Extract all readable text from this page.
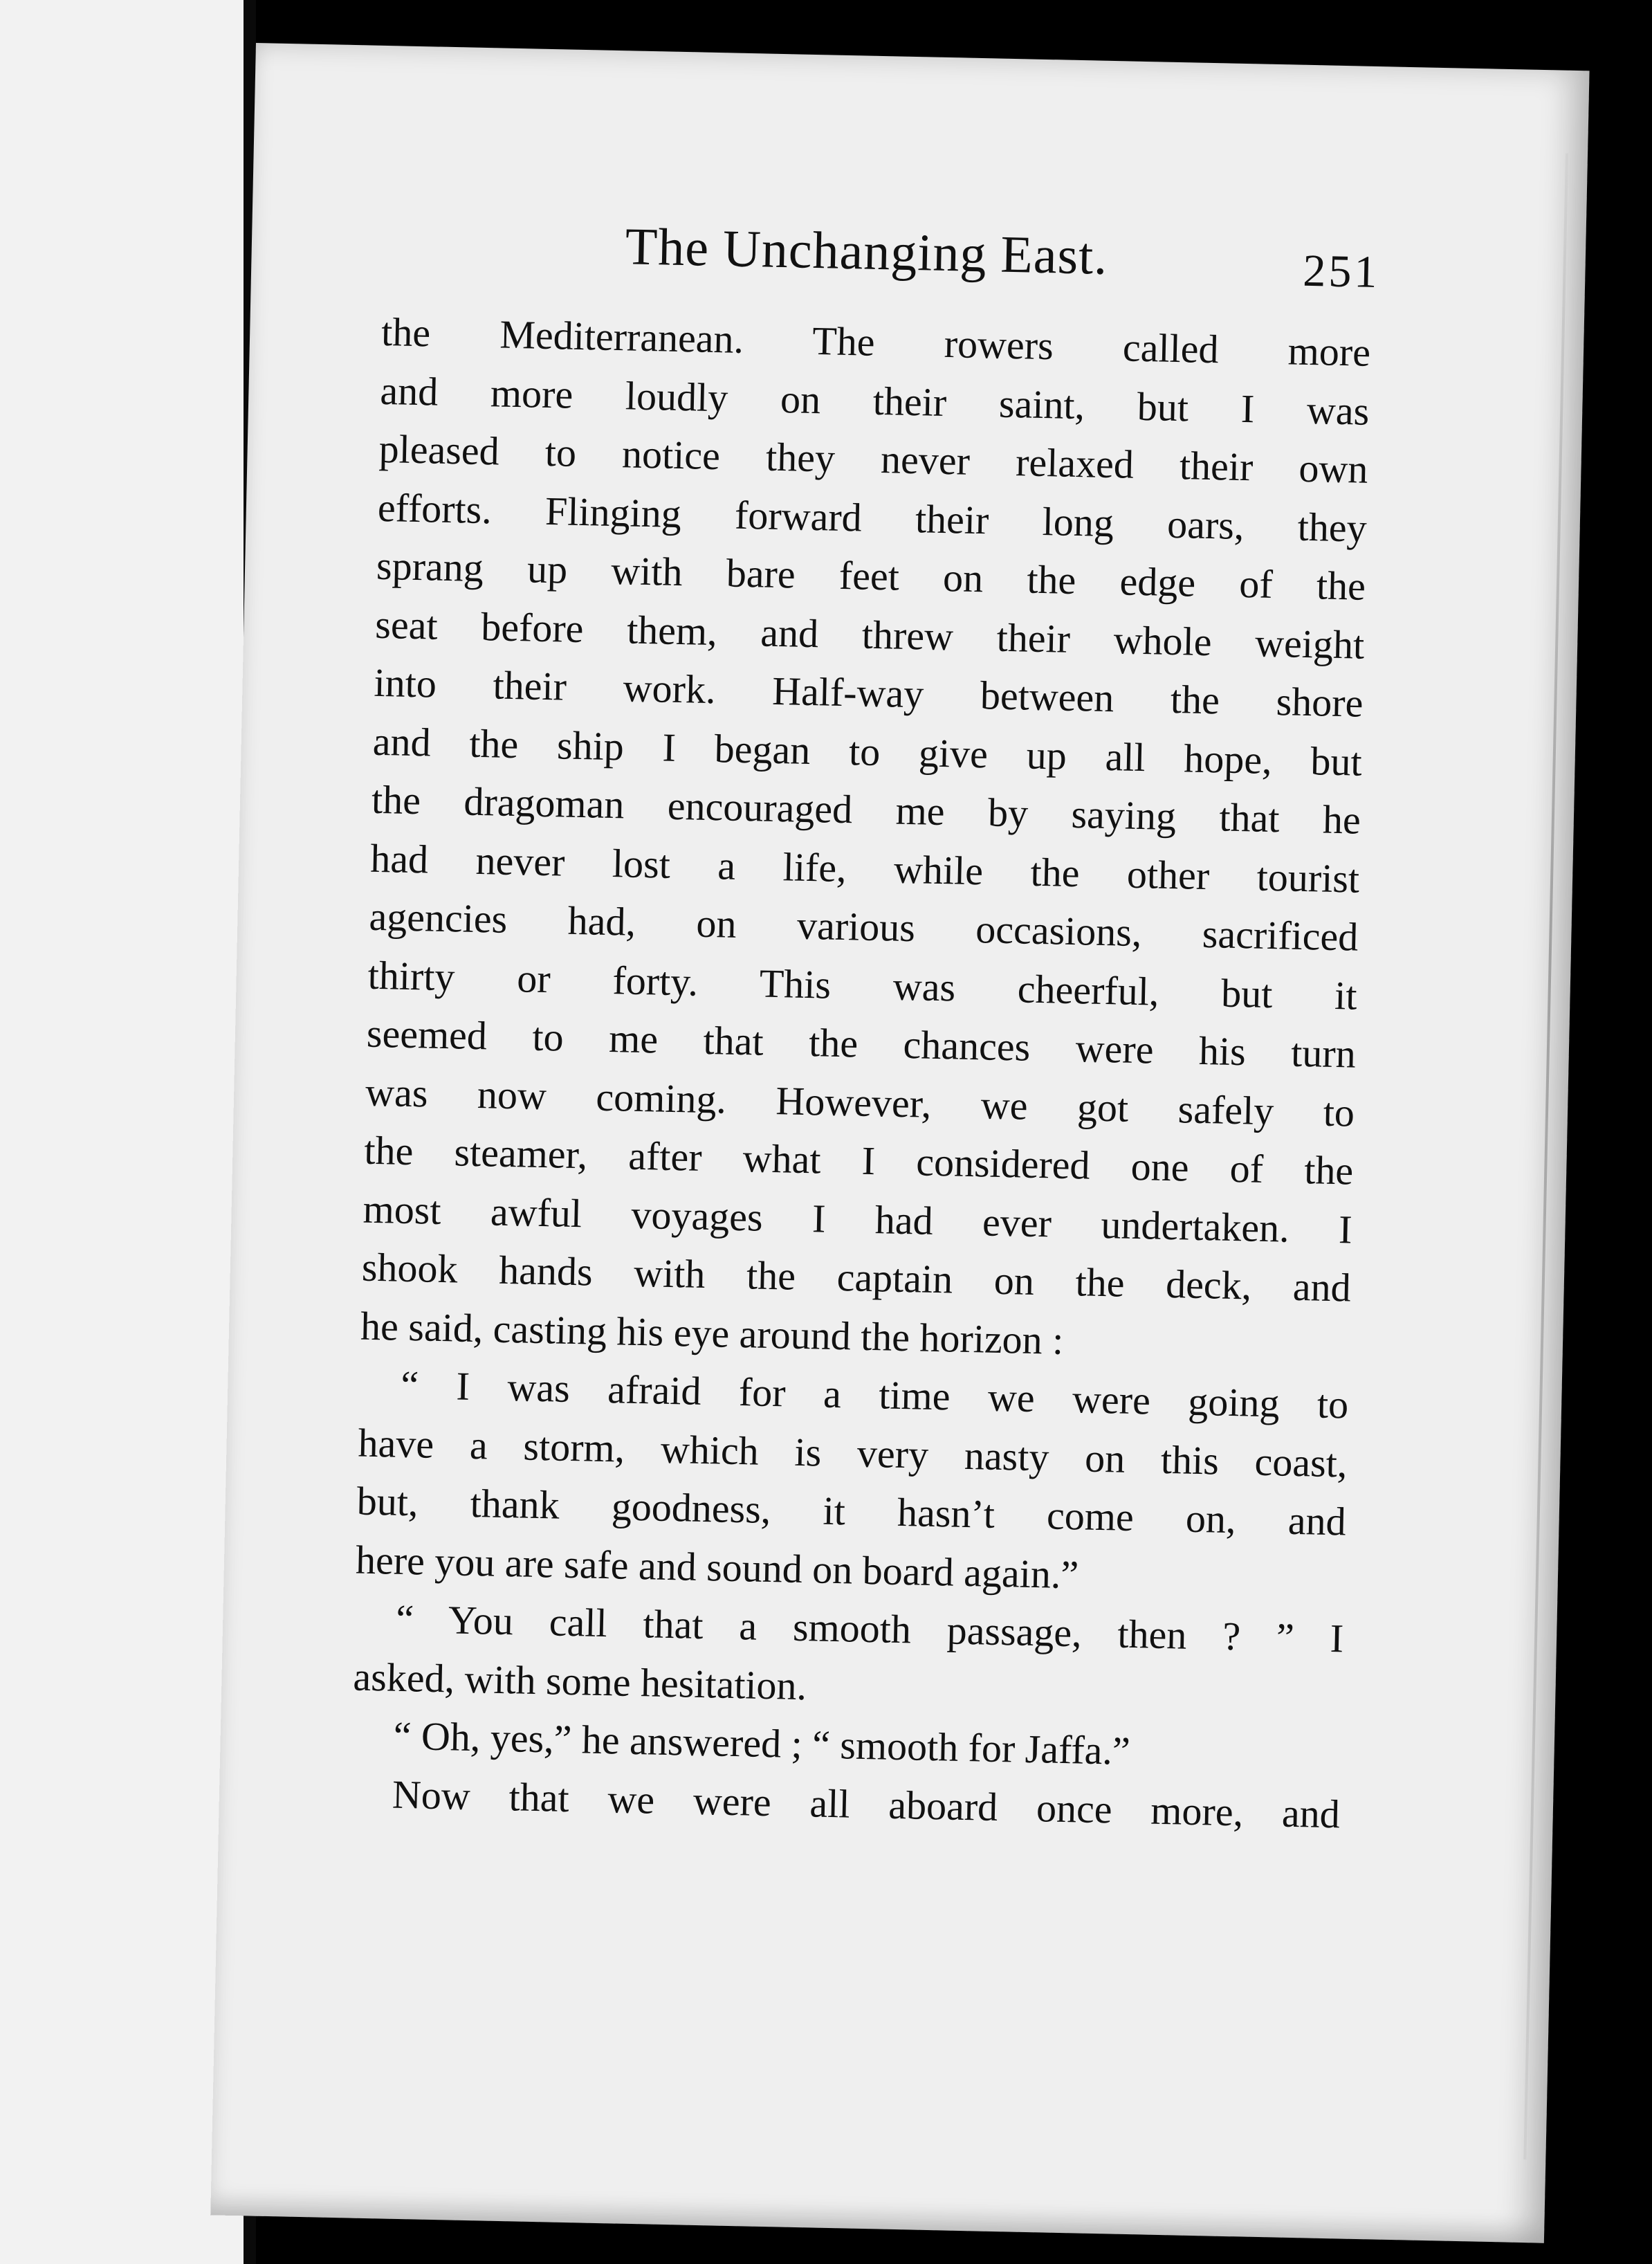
The Unchanging East.	251
the Mediterranean. The rowers called more
and more loudly on their saint, but I was
pleased to notice they never relaxed their own
efforts. Flinging forward their long oars, they
sprang up with bare feet on the edge of the
seat before them, and threw their whole weight
into their work. Half-way between the shore
and the ship I began to give up all hope, but
the dragoman encouraged me by saying that he
had never lost a life, while the other tourist
agencies had, on various occasions, sacrificed
thirty or forty. This was cheerful, but it
seemed to me that the chances were his turn
was now coming. However, we got safely to
the steamer, after what I considered one of the
most awful voyages I had ever undertaken. I
shook hands with the captain on the deck, and
he said, casting his eye around the horizon :
“ I was afraid for a time we were going to
have a storm, which is very nasty on this coast,
but, thank goodness, it hasn’t come on, and
here you are safe and sound on board again.”
“ You call that a smooth passage, then ? ” I
asked, with some hesitation.
“ Oh, yes,” he answered ; “ smooth for Jaffa.”
Now that we were all aboard once more, and
